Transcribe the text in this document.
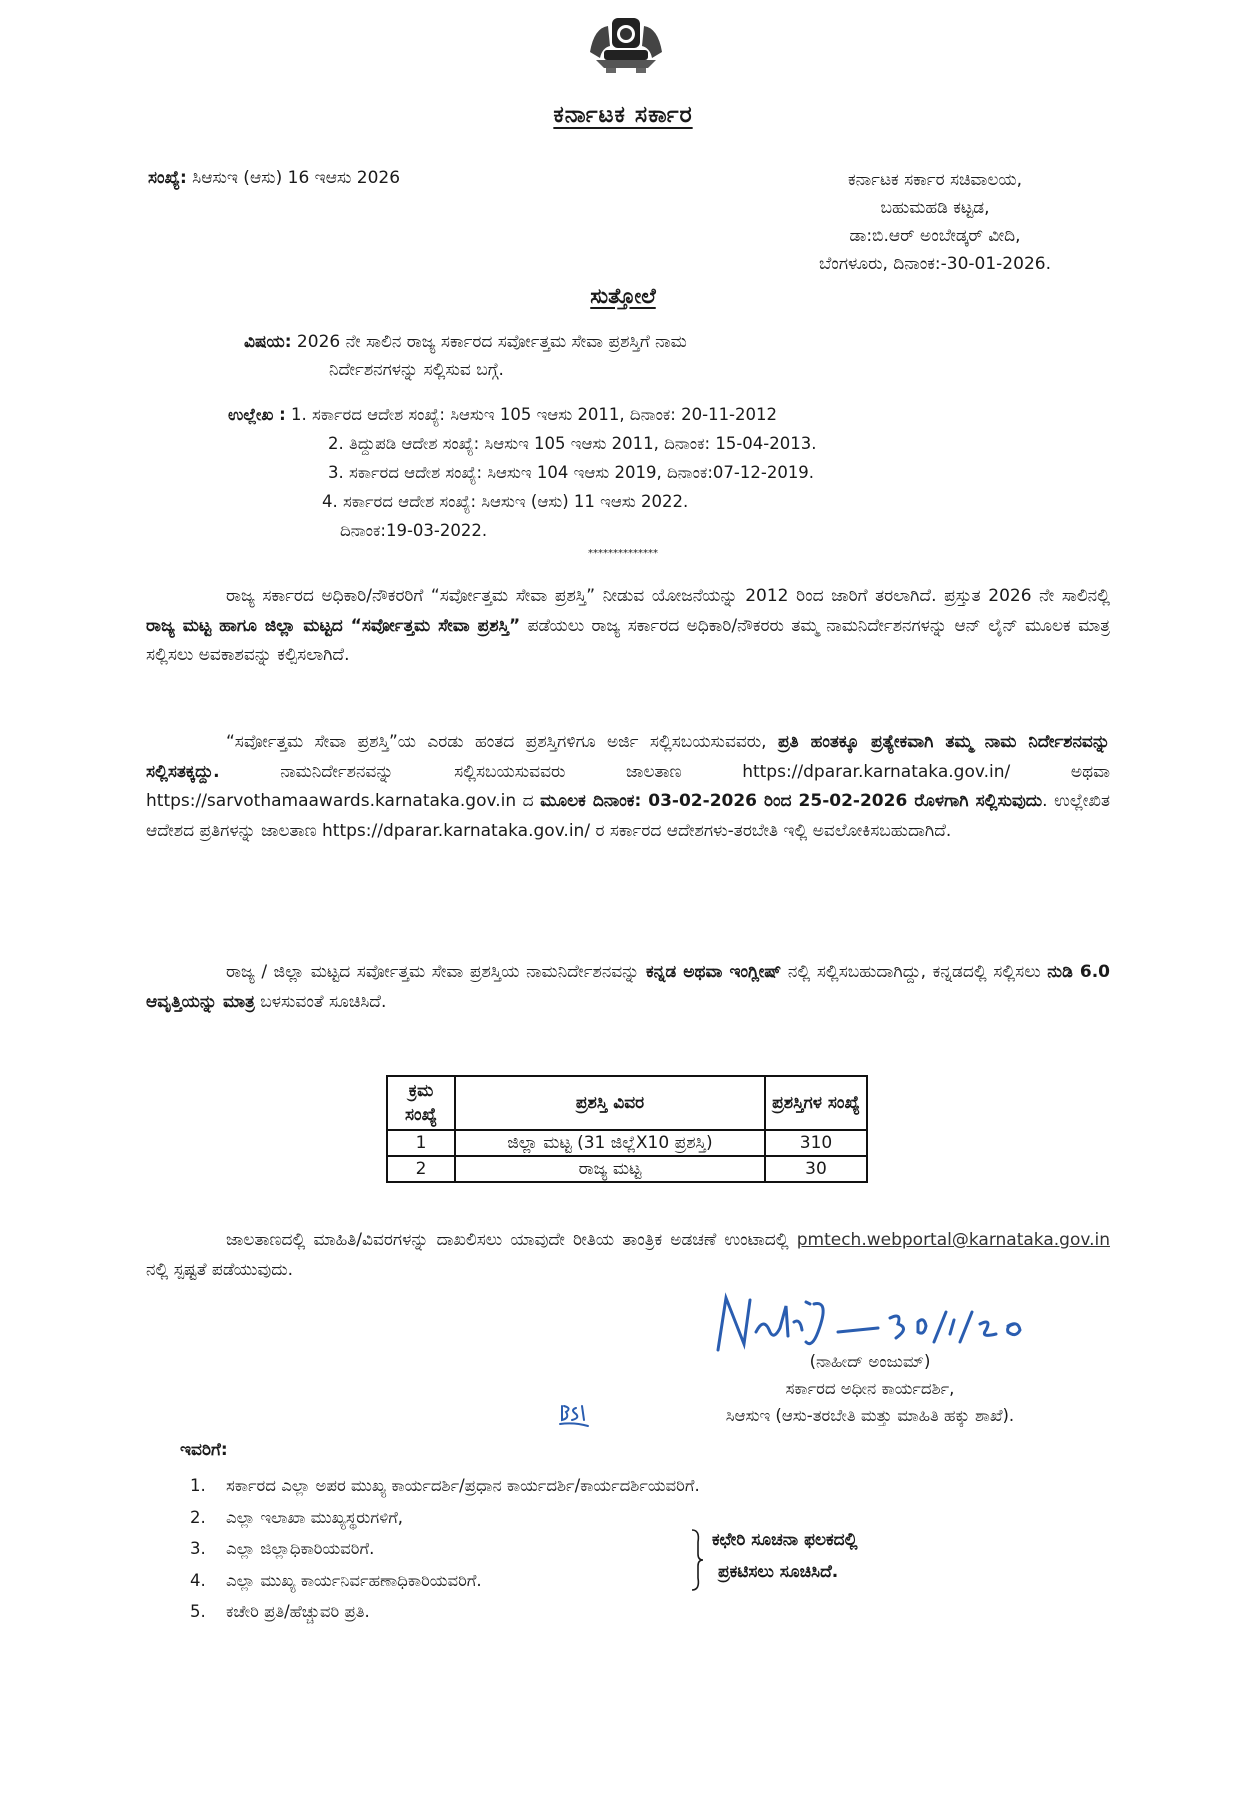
ಕರ್ನಾಟಕ ಸರ್ಕಾರ
ಸಂಖ್ಯೆ: ಸಿಆಸುಇ (ಆಸು) 16 ಇಆಸು 2026	ಕರ್ನಾಟಕ ಸರ್ಕಾರ ಸಚಿವಾಲಯ,
ಬಹುಮಹಡಿ ಕಟ್ಟಡ,
ಡಾ:ಬಿ.ಆರ್ ಅಂಬೇಡ್ಕರ್ ವೀದಿ,
ಬೆಂಗಳೂರು, ದಿನಾಂಕ:-30-01-2026.
ಸುತ್ತೋಲೆ
ವಿಷಯ: 2026 ನೇ ಸಾಲಿನ ರಾಜ್ಯ ಸರ್ಕಾರದ ಸರ್ವೋತ್ತಮ ಸೇವಾ ಪ್ರಶಸ್ತಿಗೆ ನಾಮ
ನಿರ್ದೇಶನಗಳನ್ನು ಸಲ್ಲಿಸುವ ಬಗ್ಗೆ.
ಉಲ್ಲೇಖ : 1. ಸರ್ಕಾರದ ಆದೇಶ ಸಂಖ್ಯೆ: ಸಿಆಸುಇ 105 ಇಆಸು 2011, ದಿನಾಂಕ: 20-11-2012
2. ತಿದ್ದುಪಡಿ ಆದೇಶ ಸಂಖ್ಯೆ: ಸಿಆಸುಇ 105 ಇಆಸು 2011, ದಿನಾಂಕ: 15-04-2013.
3. ಸರ್ಕಾರದ ಆದೇಶ ಸಂಖ್ಯೆ: ಸಿಆಸುಇ 104 ಇಆಸು 2019, ದಿನಾಂಕ:07-12-2019.
4. ಸರ್ಕಾರದ ಆದೇಶ ಸಂಖ್ಯೆ: ಸಿಆಸುಇ (ಆಸು) 11 ಇಆಸು 2022.
ದಿನಾಂಕ:19-03-2022.
**************
ರಾಜ್ಯ ಸರ್ಕಾರದ ಅಧಿಕಾರಿ/ನೌಕರರಿಗೆ “ಸರ್ವೋತ್ತಮ ಸೇವಾ ಪ್ರಶಸ್ತಿ” ನೀಡುವ ಯೋಜನೆಯನ್ನು 2012 ರಿಂದ ಜಾರಿಗೆ ತರಲಾಗಿದೆ. ಪ್ರಸ್ತುತ 2026 ನೇ ಸಾಲಿನಲ್ಲಿ ರಾಜ್ಯ ಮಟ್ಟ ಹಾಗೂ ಜಿಲ್ಲಾ ಮಟ್ಟದ “ಸರ್ವೋತ್ತಮ ಸೇವಾ ಪ್ರಶಸ್ತಿ” ಪಡೆಯಲು ರಾಜ್ಯ ಸರ್ಕಾರದ ಅಧಿಕಾರಿ/ನೌಕರರು ತಮ್ಮ ನಾಮನಿರ್ದೇಶನಗಳನ್ನು ಆನ್ ಲೈನ್ ಮೂಲಕ ಮಾತ್ರ ಸಲ್ಲಿಸಲು ಅವಕಾಶವನ್ನು ಕಲ್ಪಿಸಲಾಗಿದೆ.
“ಸರ್ವೋತ್ತಮ ಸೇವಾ ಪ್ರಶಸ್ತಿ”ಯ ಎರಡು ಹಂತದ ಪ್ರಶಸ್ತಿಗಳಿಗೂ ಅರ್ಜಿ ಸಲ್ಲಿಸಬಯಸುವವರು, ಪ್ರತಿ ಹಂತಕ್ಕೂ ಪ್ರತ್ಯೇಕವಾಗಿ ತಮ್ಮ ನಾಮ ನಿರ್ದೇಶನವನ್ನು ಸಲ್ಲಿಸತಕ್ಕದ್ದು. ನಾಮನಿರ್ದೇಶನವನ್ನು ಸಲ್ಲಿಸಬಯಸುವವರು ಜಾಲತಾಣ https://dparar.karnataka.gov.in/ ಅಥವಾ https://sarvothamaawards.karnataka.gov.in ದ ಮೂಲಕ ದಿನಾಂಕ: 03-02-2026 ರಿಂದ 25-02-2026 ರೊಳಗಾಗಿ ಸಲ್ಲಿಸುವುದು. ಉಲ್ಲೇಖಿತ ಆದೇಶದ ಪ್ರತಿಗಳನ್ನು ಜಾಲತಾಣ https://dparar.karnataka.gov.in/ ರ ಸರ್ಕಾರದ ಆದೇಶಗಳು-ತರಬೇತಿ ಇಲ್ಲಿ ಅವಲೋಕಿಸಬಹುದಾಗಿದೆ.
ರಾಜ್ಯ / ಜಿಲ್ಲಾ ಮಟ್ಟದ ಸರ್ವೋತ್ತಮ ಸೇವಾ ಪ್ರಶಸ್ತಿಯ ನಾಮನಿರ್ದೇಶನವನ್ನು ಕನ್ನಡ ಅಥವಾ ಇಂಗ್ಲೀಷ್ ನಲ್ಲಿ ಸಲ್ಲಿಸಬಹುದಾಗಿದ್ದು, ಕನ್ನಡದಲ್ಲಿ ಸಲ್ಲಿಸಲು ನುಡಿ 6.0 ಆವೃತ್ತಿಯನ್ನು ಮಾತ್ರ ಬಳಸುವಂತೆ ಸೂಚಿಸಿದೆ.
ಕ್ರಮ ಸಂಖ್ಯೆ	ಪ್ರಶಸ್ತಿ ವಿವರ	ಪ್ರಶಸ್ತಿಗಳ ಸಂಖ್ಯೆ
1	ಜಿಲ್ಲಾ ಮಟ್ಟ (31 ಜಿಲ್ಲೆX10 ಪ್ರಶಸ್ತಿ)	310
2	ರಾಜ್ಯ ಮಟ್ಟ	30
ಜಾಲತಾಣದಲ್ಲಿ ಮಾಹಿತಿ/ವಿವರಗಳನ್ನು ದಾಖಲಿಸಲು ಯಾವುದೇ ರೀತಿಯ ತಾಂತ್ರಿಕ ಅಡಚಣೆ ಉಂಟಾದಲ್ಲಿ pmtech.webportal@karnataka.gov.in ನಲ್ಲಿ ಸ್ಪಷ್ಟತೆ ಪಡೆಯುವುದು.
(ನಾಹೀದ್ ಅಂಜುಮ್)
ಸರ್ಕಾರದ ಅಧೀನ ಕಾರ್ಯದರ್ಶಿ,
ಸಿಆಸುಇ (ಆಸು-ತರಬೇತಿ ಮತ್ತು ಮಾಹಿತಿ ಹಕ್ಕು ಶಾಖೆ).
ಇವರಿಗೆ:
1. ಸರ್ಕಾರದ ಎಲ್ಲಾ ಅಪರ ಮುಖ್ಯ ಕಾರ್ಯದರ್ಶಿ/ಪ್ರಧಾನ ಕಾರ್ಯದರ್ಶಿ/ಕಾರ್ಯದರ್ಶಿಯವರಿಗೆ.
2. ಎಲ್ಲಾ ಇಲಾಖಾ ಮುಖ್ಯಸ್ಥರುಗಳಿಗೆ,
3. ಎಲ್ಲಾ ಜಿಲ್ಲಾಧಿಕಾರಿಯವರಿಗೆ.
4. ಎಲ್ಲಾ ಮುಖ್ಯ ಕಾರ್ಯನಿರ್ವಹಣಾಧಿಕಾರಿಯವರಿಗೆ.
5. ಕಚೇರಿ ಪ್ರತಿ/ಹೆಚ್ಚುವರಿ ಪ್ರತಿ.
ಕಛೇರಿ ಸೂಚನಾ ಫಲಕದಲ್ಲಿ
ಪ್ರಕಟಿಸಲು ಸೂಚಿಸಿದೆ.
